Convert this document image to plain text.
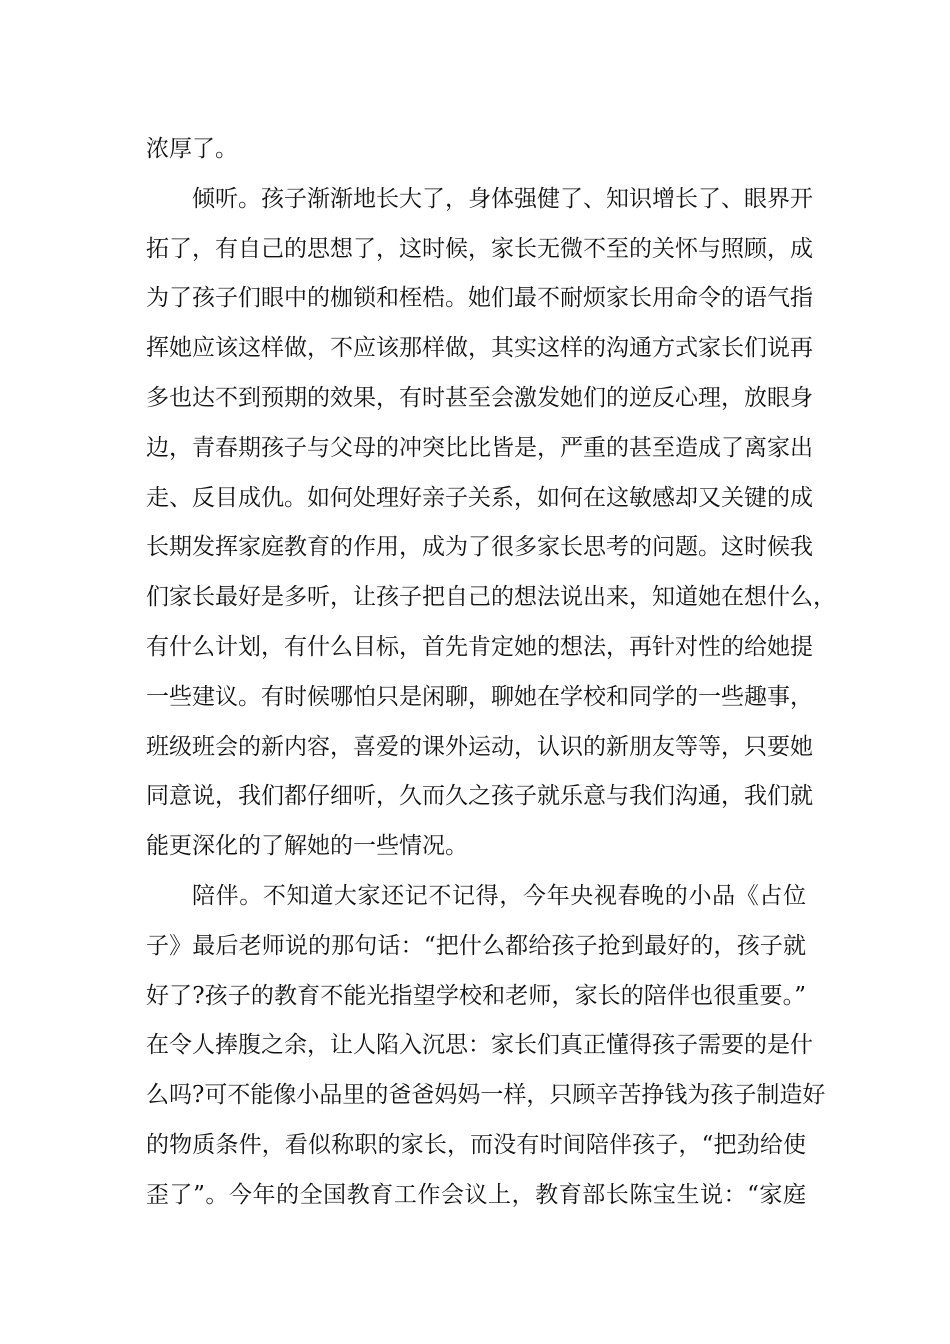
浓厚了。
倾听。孩子渐渐地长大了，身体强健了、知识增长了、眼界开
拓了，有自己的思想了，这时候，家长无微不至的关怀与照顾，成
为了孩子们眼中的枷锁和桎梏。她们最不耐烦家长用命令的语气指
挥她应该这样做，不应该那样做，其实这样的沟通方式家长们说再
多也达不到预期的效果，有时甚至会激发她们的逆反心理，放眼身
边，青春期孩子与父母的冲突比比皆是，严重的甚至造成了离家出
走、反目成仇。如何处理好亲子关系，如何在这敏感却又关键的成
长期发挥家庭教育的作用，成为了很多家长思考的问题。这时候我
们家长最好是多听，让孩子把自己的想法说出来，知道她在想什么，
有什么计划，有什么目标，首先肯定她的想法，再针对性的给她提
一些建议。有时候哪怕只是闲聊，聊她在学校和同学的一些趣事，
班级班会的新内容，喜爱的课外运动，认识的新朋友等等，只要她
同意说，我们都仔细听，久而久之孩子就乐意与我们沟通，我们就
能更深化的了解她的一些情况。
陪伴。不知道大家还记不记得，今年央视春晚的小品《占位
子》最后老师说的那句话：“把什么都给孩子抢到最好的，孩子就
好了?孩子的教育不能光指望学校和老师，家长的陪伴也很重要。”
在令人捧腹之余，让人陷入沉思：家长们真正懂得孩子需要的是什
么吗?可不能像小品里的爸爸妈妈一样，只顾辛苦挣钱为孩子制造好
的物质条件，看似称职的家长，而没有时间陪伴孩子，“把劲给使
歪了”。今年的全国教育工作会议上，教育部长陈宝生说：“家庭
